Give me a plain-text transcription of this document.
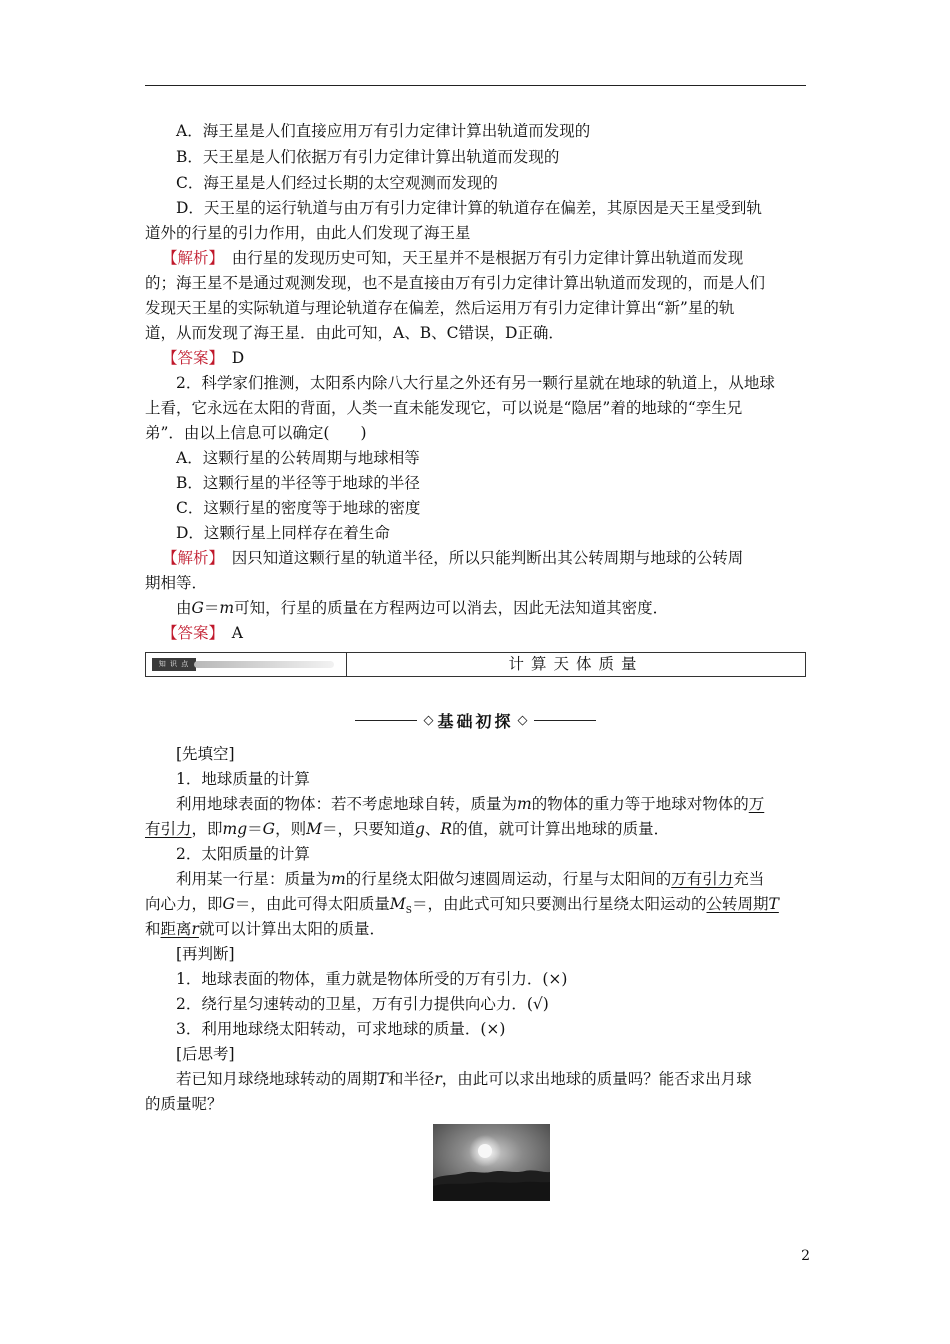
A．海王星是人们直接应用万有引力定律计算出轨道而发现的
B．天王星是人们依据万有引力定律计算出轨道而发现的
C．海王星是人们经过长期的太空观测而发现的
D．天王星的运行轨道与由万有引力定律计算的轨道存在偏差，其原因是天王星受到轨
道外的行星的引力作用，由此人们发现了海王星
【解析】　由行星的发现历史可知，天王星并不是根据万有引力定律计算出轨道而发现
的；海王星不是通过观测发现，也不是直接由万有引力定律计算出轨道而发现的，而是人们
发现天王星的实际轨道与理论轨道存在偏差，然后运用万有引力定律计算出“新”星的轨
道，从而发现了海王星．由此可知，A、B、C错误，D正确．
【答案】　D
2．科学家们推测，太阳系内除八大行星之外还有另一颗行星就在地球的轨道上，从地球
上看，它永远在太阳的背面，人类一直未能发现它，可以说是“隐居”着的地球的“孪生兄
弟”．由以上信息可以确定(　　)
A．这颗行星的公转周期与地球相等
B．这颗行星的半径等于地球的半径
C．这颗行星的密度等于地球的密度
D．这颗行星上同样存在着生命
【解析】　因只知道这颗行星的轨道半径，所以只能判断出其公转周期与地球的公转周
期相等．
由G＝m可知，行星的质量在方程两边可以消去，因此无法知道其密度．
【答案】　A
知 识 点	计算天体质量
◇ 基础初探 ◇
[先填空]
1．地球质量的计算
利用地球表面的物体：若不考虑地球自转，质量为m的物体的重力等于地球对物体的万
有引力，即mg＝G，则M＝，只要知道g、R的值，就可计算出地球的质量．
2．太阳质量的计算
利用某一行星：质量为m的行星绕太阳做匀速圆周运动，行星与太阳间的万有引力充当
向心力，即G＝，由此可得太阳质量$M_S=$，由此式可知只要测出行星绕太阳运动的公转周期T
和距离r就可以计算出太阳的质量．
[再判断]
1．地球表面的物体，重力就是物体所受的万有引力．(×)
2．绕行星匀速转动的卫星，万有引力提供向心力．(√)
3．利用地球绕太阳转动，可求地球的质量．(×)
[后思考]
若已知月球绕地球转动的周期T和半径r，由此可以求出地球的质量吗？能否求出月球
的质量呢？
2
